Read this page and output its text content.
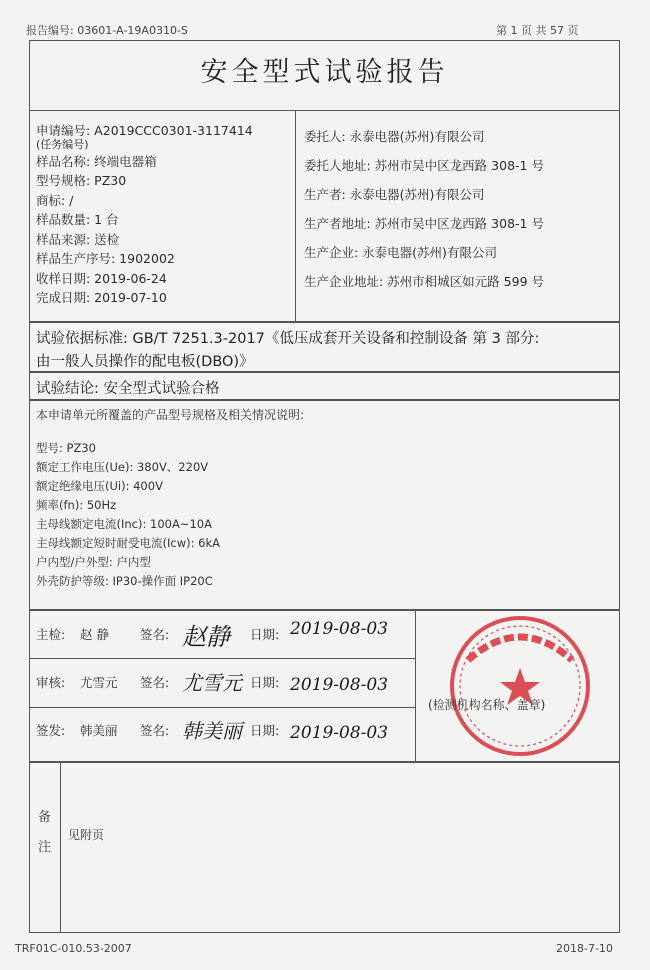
报告编号: 03601-A-19A0310-S	第 1 页 共 57 页
安全型式试验报告
申请编号: A2019CCC0301-3117414
(任务编号)
样品名称: 终端电器箱
型号规格: PZ30
商标: /
样品数量: 1 台
样品来源: 送检
样品生产序号: 1902002
收样日期: 2019-06-24
完成日期: 2019-07-10
委托人: 永泰电器(苏州)有限公司
委托人地址: 苏州市吴中区龙西路 308-1 号
生产者: 永泰电器(苏州)有限公司
生产者地址: 苏州市吴中区龙西路 308-1 号
生产企业: 永泰电器(苏州)有限公司
生产企业地址: 苏州市相城区如元路 599 号
试验依据标准: GB/T 7251.3-2017《低压成套开关设备和控制设备 第 3 部分:
由一般人员操作的配电板(DBO)》
试验结论: 安全型式试验合格
本申请单元所覆盖的产品型号规格及相关情况说明:
型号: PZ30
额定工作电压(Ue): 380V、220V
额定绝缘电压(Ui): 400V
频率(fn): 50Hz
主母线额定电流(Inc): 100A~10A
主母线额定短时耐受电流(Icw): 6kA
户内型/户外型: 户内型
外壳防护等级: IP30-操作面 IP20C
主检: 赵 静 签名: 赵静 日期: 2019-08-03
审核: 尤雪元 签名: 尤雪元 日期: 2019-08-03
签发: 韩美丽 签名: 韩美丽 日期: 2019-08-03
(检测机构名称、盖章)
备
注
见附页
TRF01C-010.53-2007	2018-7-10
